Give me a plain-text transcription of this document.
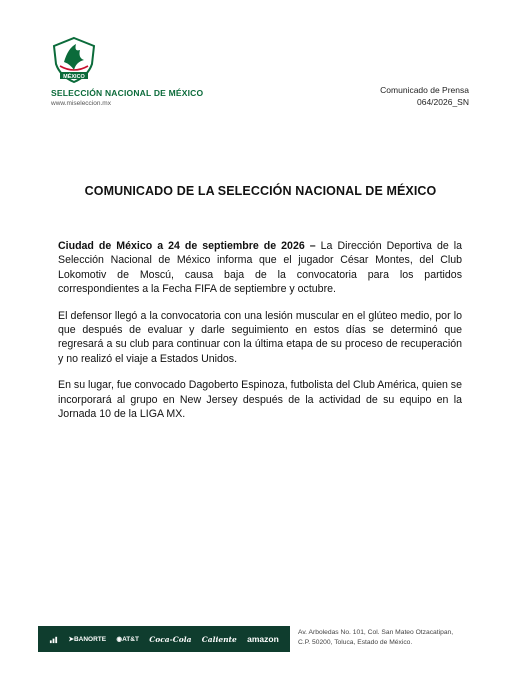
MÉXICO
SELECCIÓN NACIONAL DE MÉXICO
www.miseleccion.mx
Comunicado de Prensa
064/2026_SN
COMUNICADO DE LA SELECCIÓN NACIONAL DE MÉXICO

Ciudad de México a 24 de septiembre de 2026 – La Dirección Deportiva de la Selección Nacional de México informa que el jugador César Montes, del Club Lokomotiv de Moscú, causa baja de la convocatoria para los partidos correspondientes a la Fecha FIFA de septiembre y octubre.

El defensor llegó a la convocatoria con una lesión muscular en el glúteo medio, por lo que después de evaluar y darle seguimiento en estos días se determinó que regresará a su club para continuar con la última etapa de su proceso de recuperación y no realizó el viaje a Estados Unidos.

En su lugar, fue convocado Dagoberto Espinoza, futbolista del Club América, quien se incorporará al grupo en New Jersey después de la actividad de su equipo en la Jornada 10 de la LIGA MX.

➤BANORTE ◉AT&T Coca-Cola Caliente amazon
Av. Arboledas No. 101, Col. San Mateo Otzacatipan,
C.P. 50200, Toluca, Estado de México.
